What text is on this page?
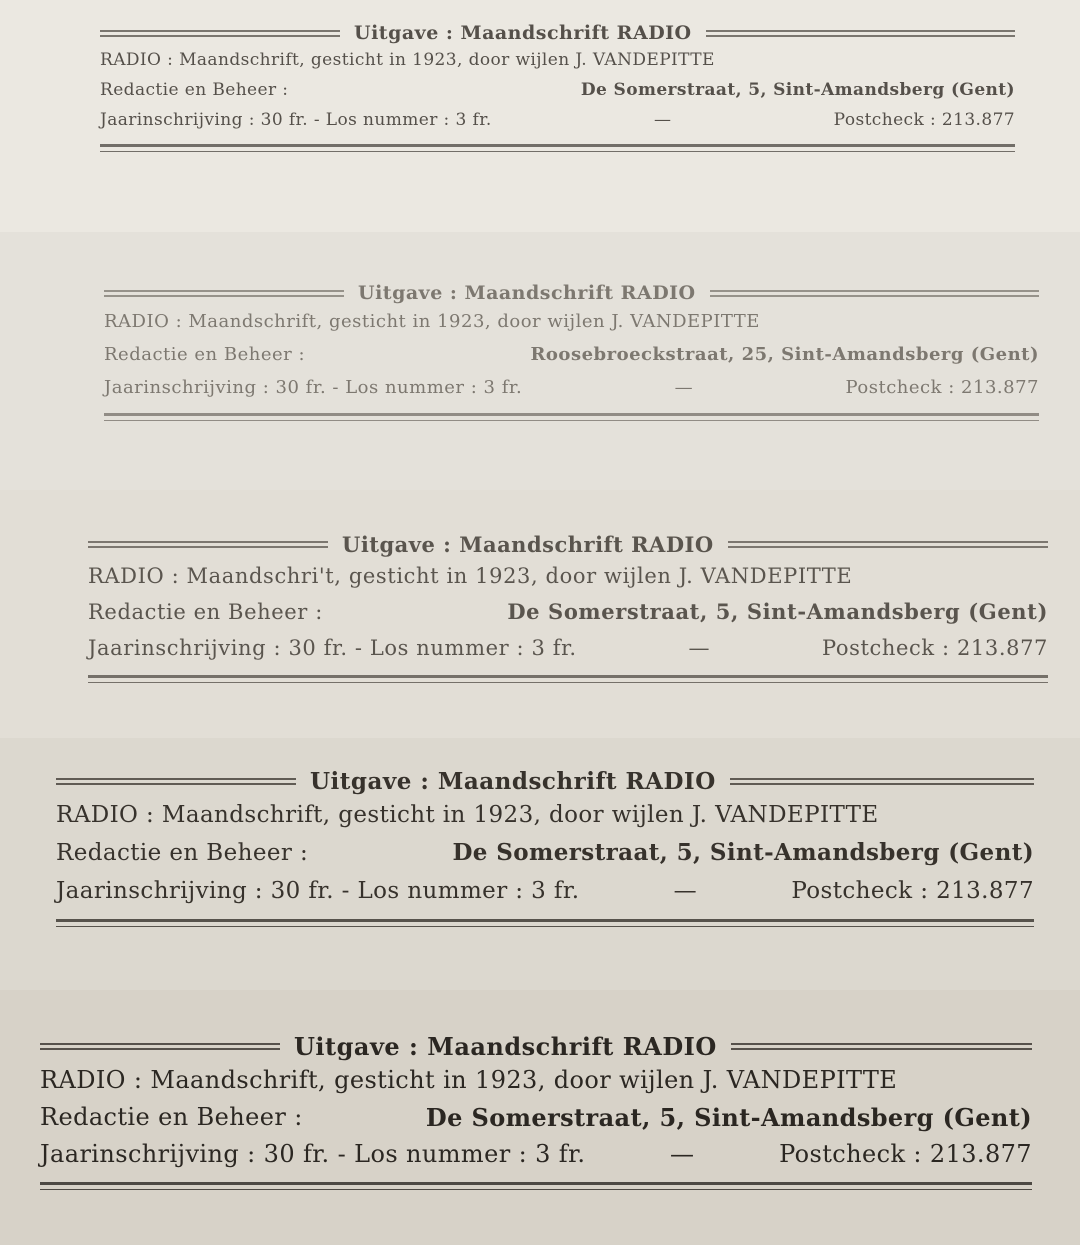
Uitgave : Maandschrift RADIO
RADIO : Maandschrift, gesticht in 1923, door wijlen J. VANDEPITTE
Redactie en Beheer :	De Somerstraat, 5, Sint-Amandsberg (Gent)
Jaarinschrijving : 30 fr. - Los nummer : 3 fr.	—	Postcheck : 213.877
Uitgave : Maandschrift RADIO
RADIO : Maandschrift, gesticht in 1923, door wijlen J. VANDEPITTE
Redactie en Beheer :	Roosebroeckstraat, 25, Sint-Amandsberg (Gent)
Jaarinschrijving : 30 fr. - Los nummer : 3 fr.	—	Postcheck : 213.877
Uitgave : Maandschrift RADIO
RADIO : Maandschri't, gesticht in 1923, door wijlen J. VANDEPITTE
Redactie en Beheer :	De Somerstraat, 5, Sint-Amandsberg (Gent)
Jaarinschrijving : 30 fr. - Los nummer : 3 fr.	—	Postcheck : 213.877
Uitgave : Maandschrift RADIO
RADIO : Maandschrift, gesticht in 1923, door wijlen J. VANDEPITTE
Redactie en Beheer :	De Somerstraat, 5, Sint-Amandsberg (Gent)
Jaarinschrijving : 30 fr. - Los nummer : 3 fr.	—	Postcheck : 213.877
Uitgave : Maandschrift RADIO
RADIO : Maandschrift, gesticht in 1923, door wijlen J. VANDEPITTE
Redactie en Beheer :	De Somerstraat, 5, Sint-Amandsberg (Gent)
Jaarinschrijving : 30 fr. - Los nummer : 3 fr.	—	Postcheck : 213.877
